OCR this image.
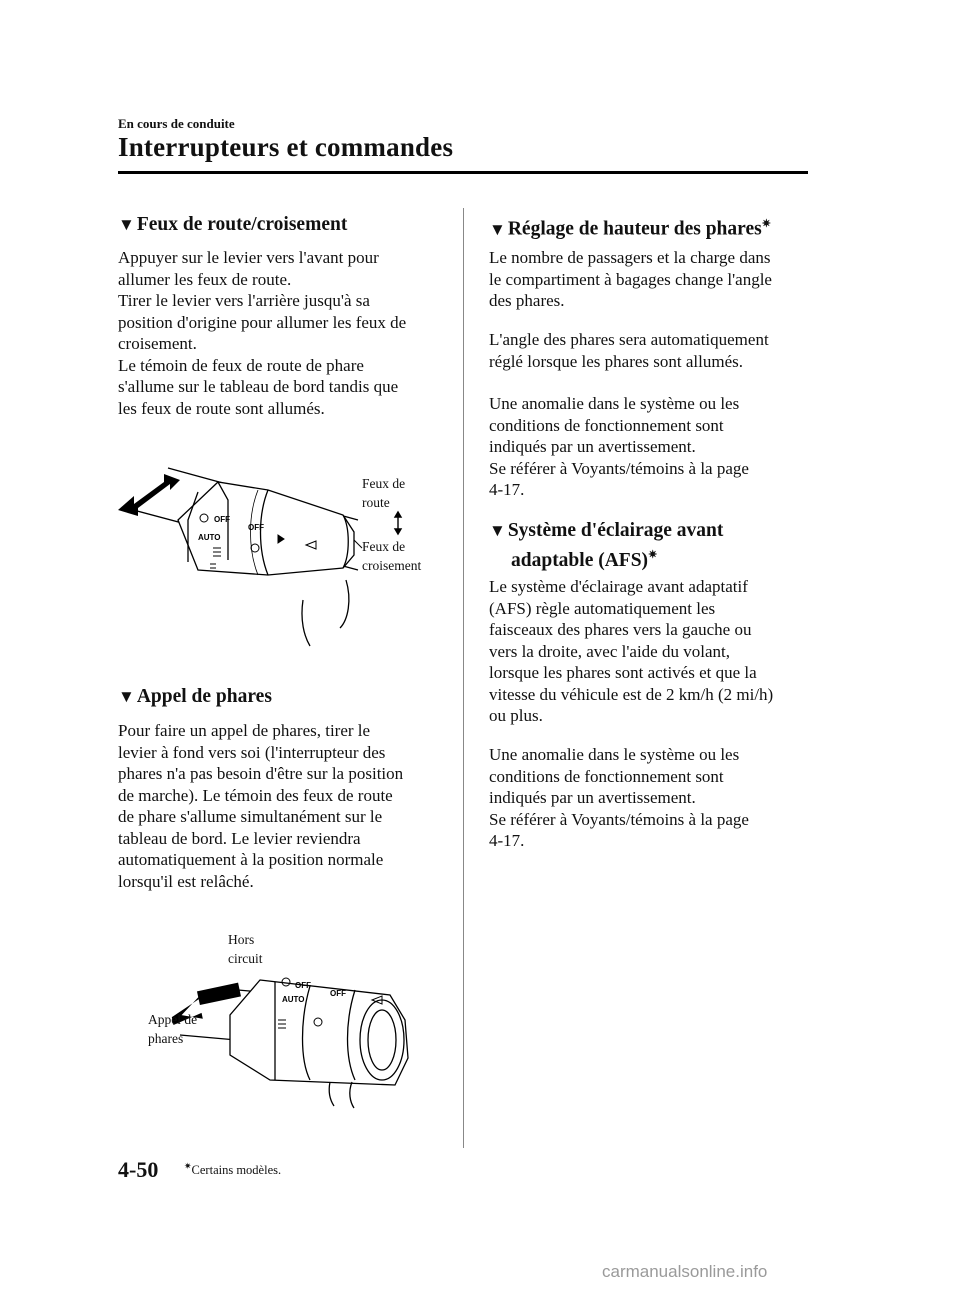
En cours de conduite
Interrupteurs et commandes
▼ Feux de route/croisement
Appuyer sur le levier vers l'avant pour
allumer les feux de route.
Tirer le levier vers l'arrière jusqu'à sa
position d'origine pour allumer les feux de
croisement.
Le témoin de feux de route de phare
s'allume sur le tableau de bord tandis que
les feux de route sont allumés.
OFF
OFF
AUTO
Feux de
route
Feux de
croisement
▼ Appel de phares
Pour faire un appel de phares, tirer le
levier à fond vers soi (l'interrupteur des
phares n'a pas besoin d'être sur la position
de marche). Le témoin des feux de route
de phare s'allume simultanément sur le
tableau de bord. Le levier reviendra
automatiquement à la position normale
lorsqu'il est relâché.
OFF
OFF
AUTO
Hors
circuit
Appel de
phares
▼ Réglage de hauteur des phares✷
Le nombre de passagers et la charge dans
le compartiment à bagages change l'angle
des phares.
L'angle des phares sera automatiquement
réglé lorsque les phares sont allumés.
Une anomalie dans le système ou les
conditions de fonctionnement sont
indiqués par un avertissement.
Se référer à Voyants/témoins à la page
4-17.
▼ Système d'éclairage avant
adaptable (AFS)✷
Le système d'éclairage avant adaptatif
(AFS) règle automatiquement les
faisceaux des phares vers la gauche ou
vers la droite, avec l'aide du volant,
lorsque les phares sont activés et que la
vitesse du véhicule est de 2 km/h (2 mi/h)
ou plus.
Une anomalie dans le système ou les
conditions de fonctionnement sont
indiqués par un avertissement.
Se référer à Voyants/témoins à la page
4-17.
4-50	✷Certains modèles.
carmanualsonline.info
